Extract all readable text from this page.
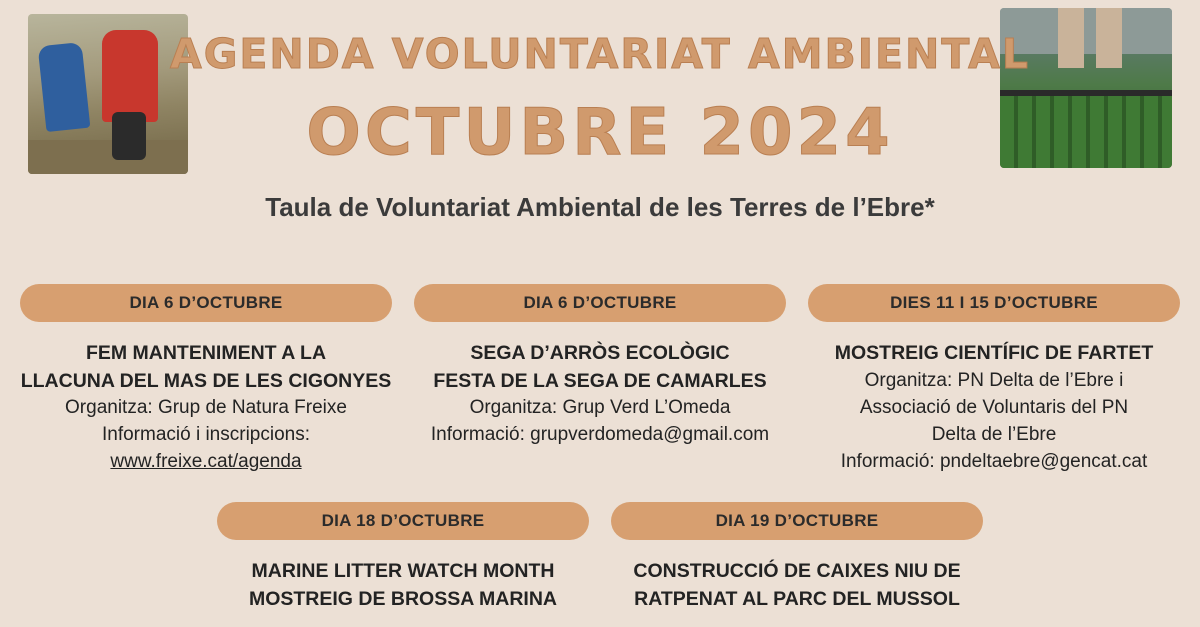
AGENDA VOLUNTARIAT AMBIENTAL
OCTUBRE 2024
Taula de Voluntariat Ambiental de les Terres de l’Ebre*
DIA 6 D’OCTUBRE
FEM MANTENIMENT A LA
LLACUNA DEL MAS DE LES CIGONYES
Organitza: Grup de Natura Freixe
Informació i inscripcions:
www.freixe.cat/agenda
DIA 6 D’OCTUBRE
SEGA D’ARRÒS ECOLÒGIC
FESTA DE LA SEGA DE CAMARLES
Organitza: Grup Verd L’Omeda
Informació: grupverdomeda@gmail.com
DIES 11 I 15 D’OCTUBRE
MOSTREIG CIENTÍFIC DE FARTET
Organitza: PN Delta de l’Ebre i
Associació de Voluntaris del PN
Delta de l’Ebre
Informació: pndeltaebre@gencat.cat
DIA 18 D’OCTUBRE
MARINE LITTER WATCH MONTH
MOSTREIG DE BROSSA MARINA
DIA 19 D’OCTUBRE
CONSTRUCCIÓ DE CAIXES NIU DE
RATPENAT AL PARC DEL MUSSOL
